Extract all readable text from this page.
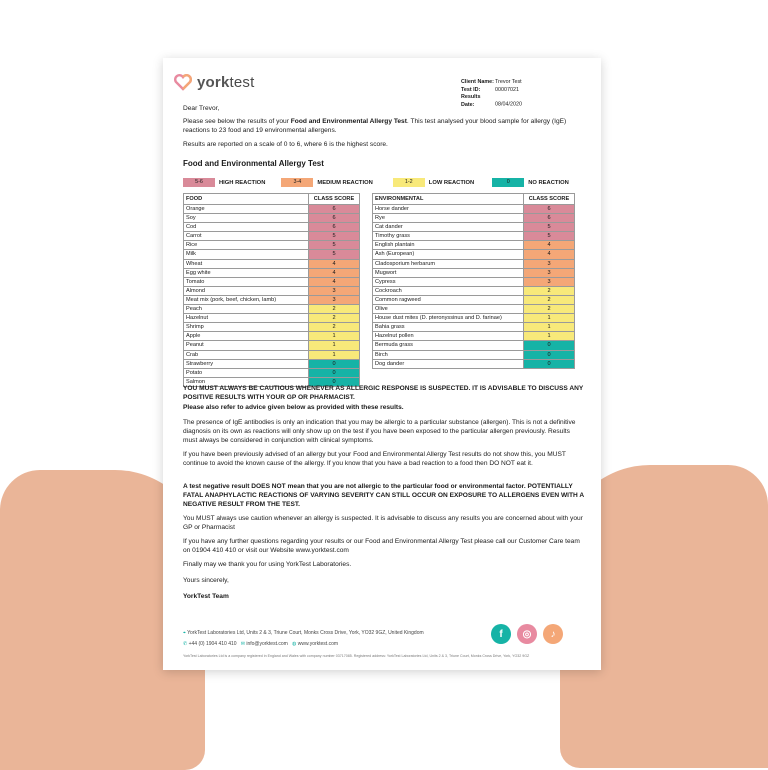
yorktest	Client Name:Trevor Test
Test ID:	00007021
Results Date:	08/04/2020
Dear Trevor,
Please see below the results of your Food and Environmental Allergy Test. This test analysed your blood sample for allergy (IgE) reactions to 23 food and 19 environmental allergens.
Results are reported on a scale of 0 to 6, where 6 is the highest score.
Food and Environmental Allergy Test
5-6	HIGH REACTION	3-4	MEDIUM REACTION	1-2	LOW REACTION	0	NO REACTION
FOOD	CLASS SCORE
Orange	6
Soy	6
Cod	6
Carrot	5
Rice	5
Milk	5
Wheat	4
Egg white	4
Tomato	4
Almond	3
Meat mix (pork, beef, chicken, lamb)	3
Peach	2
Hazelnut	2
Shrimp	2
Apple	1
Peanut	1
Crab	1
Strawberry	0
Potato	0
Salmon	0
ENVIRONMENTAL	CLASS SCORE
Horse dander	6
Rye	6
Cat dander	5
Timothy grass	5
English plantain	4
Ash (European)	4
Cladosporium herbarum	3
Mugwort	3
Cypress	3
Cockroach	2
Common ragweed	2
Olive	2
House dust mites (D. pteronyssinus and D. farinae)	1
Bahia grass	1
Hazelnut pollen	1
Bermuda grass	0
Birch	0
Dog dander	0
YOU MUST ALWAYS BE CAUTIOUS WHENEVER AS ALLERGIC RESPONSE IS SUSPECTED. IT IS ADVISABLE TO DISCUSS ANY POSITIVE RESULTS WITH YOUR GP OR PHARMACIST.
Please also refer to advice given below as provided with these results.
The presence of IgE antibodies is only an indication that you may be allergic to a particular substance (allergen). This is not a definitive diagnosis on its own as reactions will only show up on the test if you have been exposed to the particular allergen previously. Results must always be considered in conjunction with clinical symptoms.
If you have been previously advised of an allergy but your Food and Environmental Allergy Test results do not show this, you MUST continue to avoid the known cause of the allergy. If you know that you have a bad reaction to a food then DO NOT eat it.
A test negative result DOES NOT mean that you are not allergic to the particular food or environmental factor. POTENTIALLY FATAL ANAPHYLACTIC REACTIONS OF VARYING SEVERITY CAN STILL OCCUR ON EXPOSURE TO ALLERGENS EVEN WITH A NEGATIVE RESULT FROM THE TEST.
You MUST always use caution whenever an allergy is suspected. It is advisable to discuss any results you are concerned about with your GP or Pharmacist
If you have any further questions regarding your results or our Food and Environmental Allergy Test please call our Customer Care team on 01904 410 410 or visit our Website www.yorktest.com
Finally may we thank you for using YorkTest Laboratories.
Yours sincerely,
YorkTest Team
⌖ YorkTest Laboratories Ltd, Units 2 & 3, Triune Court, Monks Cross Drive, York, YO32 9GZ, United Kingdom
✆ +44 (0) 1904 410 410 ✉ info@yorktest.com ◍ www.yorktest.com
f	◎	♪
YorkTest Laboratories Ltd is a company registered in England and Wales with company number 03717085. Registered address: YorkTest Laboratories Ltd, Units 2 & 3, Triune Court, Monks Cross Drive, York, YO32 9GZ
